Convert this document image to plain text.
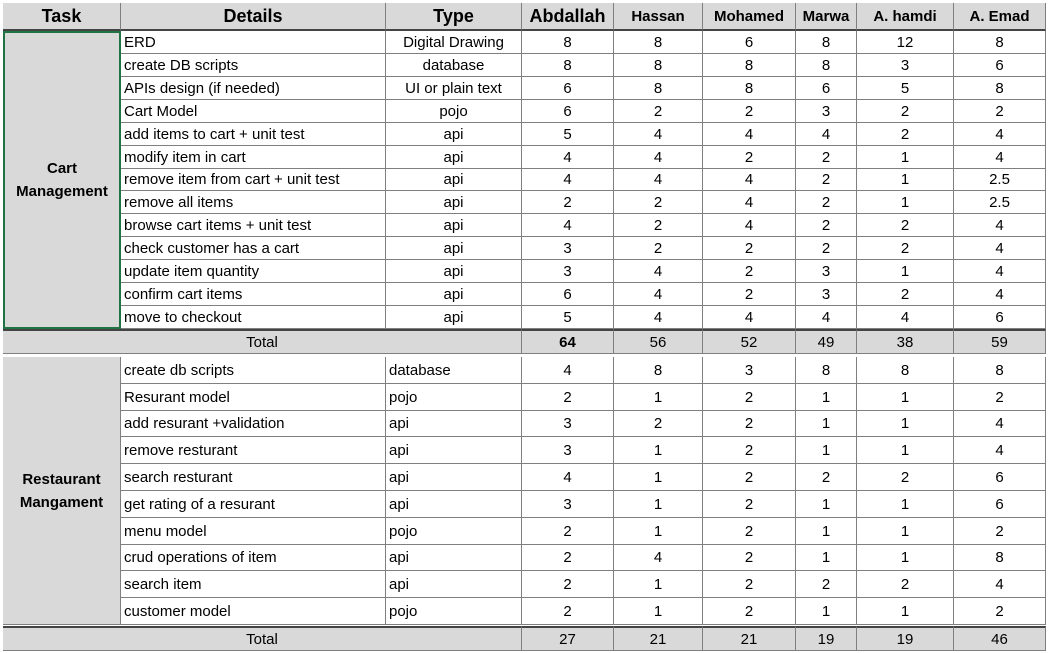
Task	Details	Type	Abdallah	Hassan	Mohamed	Marwa	A. hamdi	A. Emad
Cart
Management
ERD	Digital Drawing	8	8	6	8	12	8
create DB scripts	database	8	8	8	8	3	6
APIs design (if needed)	UI or plain text	6	8	8	6	5	8
Cart Model	pojo	6	2	2	3	2	2
add items to cart + unit test	api	5	4	4	4	2	4
modify item in cart	api	4	4	2	2	1	4
remove item from cart + unit test	api	4	4	4	2	1	2.5
remove all items	api	2	2	4	2	1	2.5
browse cart items + unit test	api	4	2	4	2	2	4
check customer has a cart	api	3	2	2	2	2	4
update item quantity	api	3	4	2	3	1	4
confirm cart items	api	6	4	2	3	2	4
move to checkout	api	5	4	4	4	4	6
Total	64	56	52	49	38	59
Restaurant
Mangament
create db scripts	database	4	8	3	8	8	8
Resurant model	pojo	2	1	2	1	1	2
add resurant +validation	api	3	2	2	1	1	4
remove resturant	api	3	1	2	1	1	4
search resturant	api	4	1	2	2	2	6
get rating of a resurant	api	3	1	2	1	1	6
menu model	pojo	2	1	2	1	1	2
crud operations of item	api	2	4	2	1	1	8
search item	api	2	1	2	2	2	4
customer model	pojo	2	1	2	1	1	2
Total	27	21	21	19	19	46
